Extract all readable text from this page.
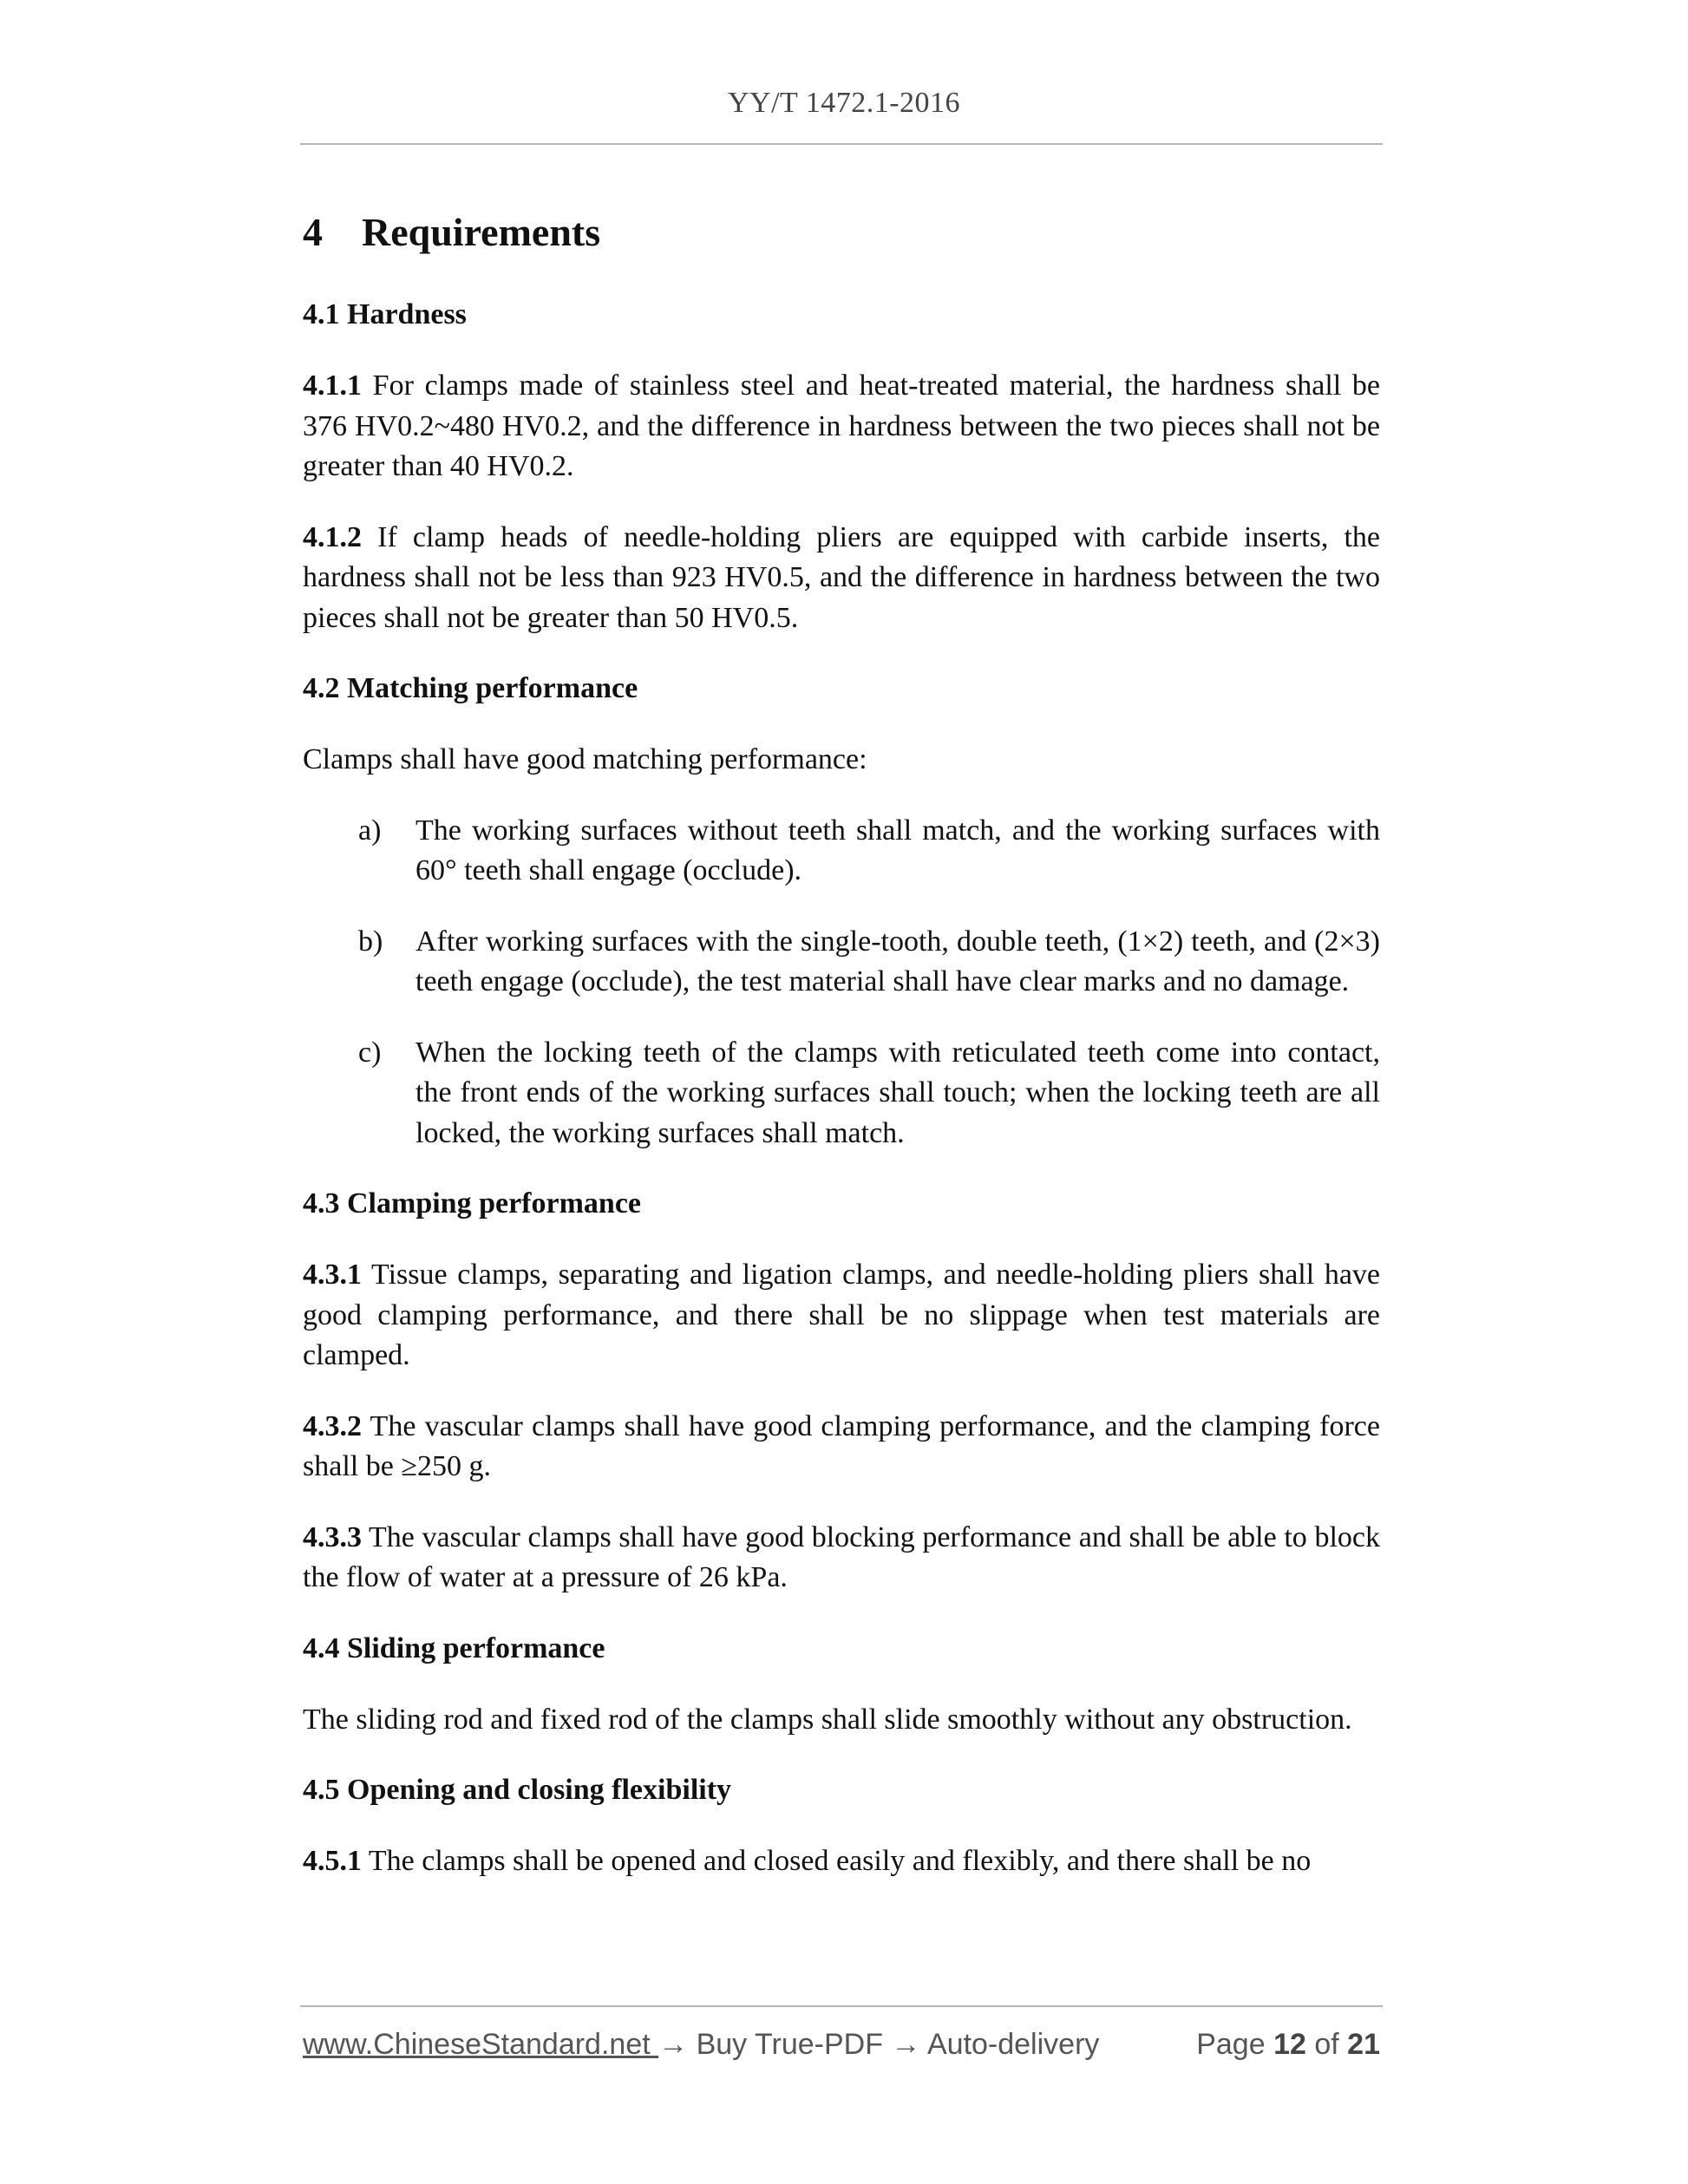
YY/T 1472.1-2016
4 Requirements
4.1 Hardness

4.1.1 For clamps made of stainless steel and heat-treated material, the hardness shall be 376 HV0.2~480 HV0.2, and the difference in hardness between the two pieces shall not be greater than 40 HV0.2.

4.1.2 If clamp heads of needle-holding pliers are equipped with carbide inserts, the hardness shall not be less than 923 HV0.5, and the difference in hardness between the two pieces shall not be greater than 50 HV0.5.

4.2 Matching performance

Clamps shall have good matching performance:

a) The working surfaces without teeth shall match, and the working surfaces with 60° teeth shall engage (occlude).
b) After working surfaces with the single-tooth, double teeth, (1×2) teeth, and (2×3) teeth engage (occlude), the test material shall have clear marks and no damage.
c) When the locking teeth of the clamps with reticulated teeth come into contact, the front ends of the working surfaces shall touch; when the locking teeth are all locked, the working surfaces shall match.
4.3 Clamping performance

4.3.1 Tissue clamps, separating and ligation clamps, and needle-holding pliers shall have good clamping performance, and there shall be no slippage when test materials are clamped.

4.3.2 The vascular clamps shall have good clamping performance, and the clamping force shall be ≥250 g.

4.3.3 The vascular clamps shall have good blocking performance and shall be able to block the flow of water at a pressure of 26 kPa.

4.4 Sliding performance

The sliding rod and fixed rod of the clamps shall slide smoothly without any obstruction.

4.5 Opening and closing flexibility

4.5.1 The clamps shall be opened and closed easily and flexibly, and there shall be no

www.ChineseStandard.net → Buy True-PDF → Auto-delivery	Page 12 of 21
